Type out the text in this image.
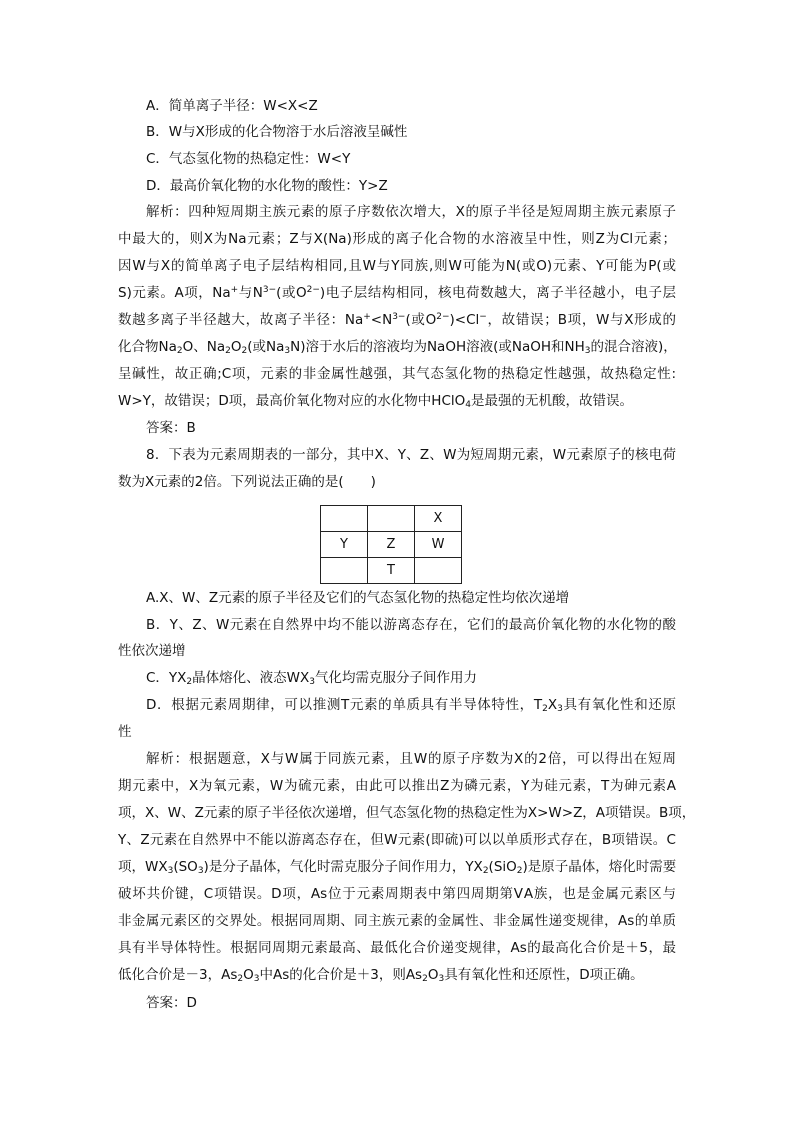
A．简单离子半径：W<X<Z

B．W与X形成的化合物溶于水后溶液呈碱性

C．气态氢化物的热稳定性：W<Y

D．最高价氧化物的水化物的酸性：Y>Z

解析：四种短周期主族元素的原子序数依次增大，X的原子半径是短周期主族元素原子

中最大的，则X为Na元素；Z与X(Na)形成的离子化合物的水溶液呈中性，则Z为Cl元素；

因W与X的简单离子电子层结构相同,且W与Y同族,则W可能为N(或O)元素、Y可能为P(或

S)元素。A项，Na+与$N^{3-}$(或$O^{2-}$)电子层结构相同，核电荷数越大，离子半径越小，电子层

数越多离子半径越大，故离子半径：$Na^+<N^{3-}$(或$O^{2-})<Cl^-$，故错误；B项，W与X形成的

化合物$Na_2O$、$Na_2O_2$(或$Na_3N$)溶于水后的溶液均为NaOH溶液(或NaOH和$NH_3$的混合溶液)，

呈碱性，故正确;C项，元素的非金属性越强，其气态氢化物的热稳定性越强，故热稳定性:

W>Y，故错误；D项，最高价氧化物对应的水化物中HClO$_4$是最强的无机酸，故错误。

答案：B

8．下表为元素周期表的一部分，其中X、Y、Z、W为短周期元素，W元素原子的核电荷

数为X元素的2倍。下列说法正确的是(　　)

		X
Y	Z	W
	T	

A.X、W、Z元素的原子半径及它们的气态氢化物的热稳定性均依次递增

B．Y、Z、W元素在自然界中均不能以游离态存在，它们的最高价氧化物的水化物的酸

性依次递增

C．$YX_2$晶体熔化、液态$WX_3$气化均需克服分子间作用力

D．根据元素周期律，可以推测T元素的单质具有半导体特性，$T_2X_3$具有氧化性和还原

性

解析：根据题意，X与W属于同族元素，且W的原子序数为X的2倍，可以得出在短周

期元素中，X为氧元素，W为硫元素，由此可以推出Z为磷元素，Y为硅元素，T为砷元素A

项，X、W、Z元素的原子半径依次递增，但气态氢化物的热稳定性为X>W>Z，A项错误。B项，

Y、Z元素在自然界中不能以游离态存在，但W元素(即硫)可以以单质形式存在，B项错误。C

项，$WX_3(SO_3)$是分子晶体，气化时需克服分子间作用力，$YX_2(SiO_2)$是原子晶体，熔化时需要

破坏共价键，C项错误。D项，As位于元素周期表中第四周期第ⅤA族，也是金属元素区与

非金属元素区的交界处。根据同周期、同主族元素的金属性、非金属性递变规律，As的单质

具有半导体特性。根据同周期元素最高、最低化合价递变规律，As的最高化合价是＋5，最

低化合价是－3，$As_2O_3$中As的化合价是＋3，则$As_2O_3$具有氧化性和还原性，D项正确。

答案：D
